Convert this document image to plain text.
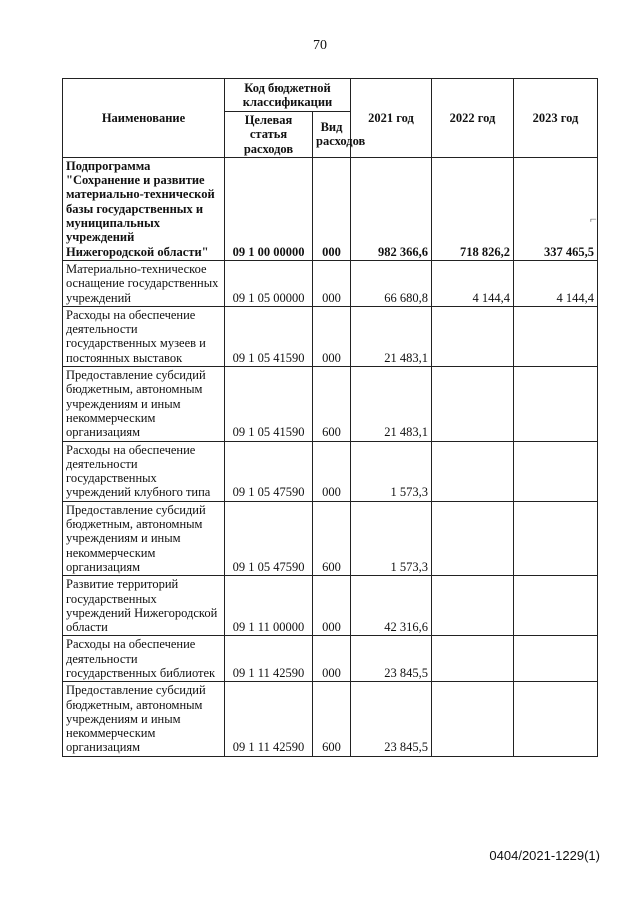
70
Наименование	Код бюджетной классификации		2021 год	2022 год	2023 год
	Целевая статья расходов	Вид расходов			
Подпрограмма "Сохранение и развитие материально-технической базы государственных и муниципальных учреждений Нижегородской области"	09 1 00 00000	000	982 366,6	718 826,2	337 465,5
Материально-техническое оснащение государственных учреждений	09 1 05 00000	000	66 680,8	4 144,4	4 144,4
Расходы на обеспечение деятельности государственных музеев и постоянных выставок	09 1 05 41590	000	21 483,1		
Предоставление субсидий бюджетным, автономным учреждениям и иным некоммерческим организациям	09 1 05 41590	600	21 483,1		
Расходы на обеспечение деятельности государственных учреждений клубного типа	09 1 05 47590	000	1 573,3		
Предоставление субсидий бюджетным, автономным учреждениям и иным некоммерческим организациям	09 1 05 47590	600	1 573,3		
Развитие территорий государственных учреждений Нижегородской области	09 1 11 00000	000	42 316,6		
Расходы на обеспечение деятельности государственных библиотек	09 1 11 42590	000	23 845,5		
Предоставление субсидий бюджетным, автономным учреждениям и иным некоммерческим организациям	09 1 11 42590	600	23 845,5		
0404/2021-1229(1)
⌐
